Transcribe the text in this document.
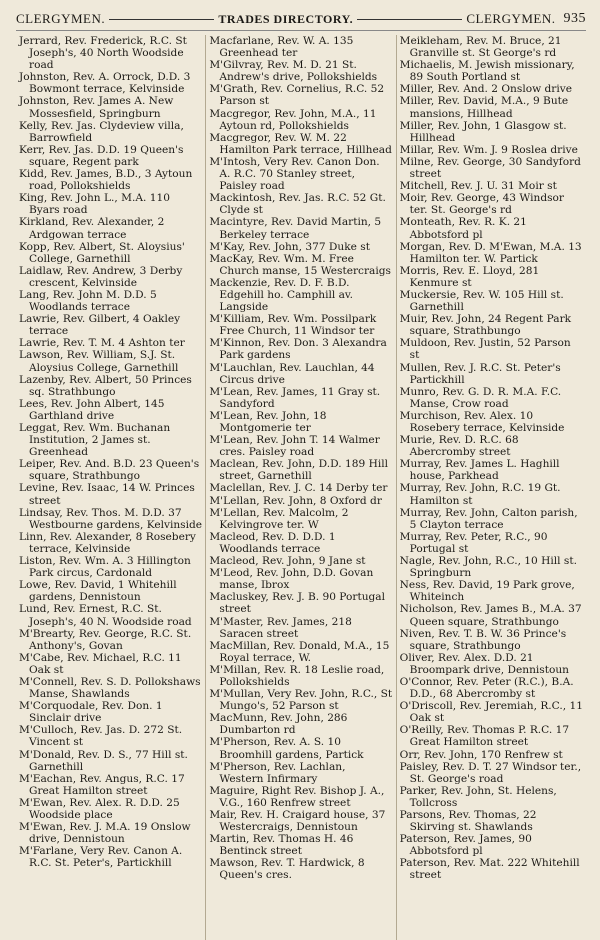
CLERGYMEN.	TRADES DIRECTORY.	CLERGYMEN. 935

Jerrard, Rev. Frederick, R.C. St Joseph's, 40 North Woodside road

Johnston, Rev. A. Orrock, D.D. 3 Bowmont terrace, Kelvinside

Johnston, Rev. James A. New Mossesfield, Springburn

Kelly, Rev. Jas. Clydeview villa, Barrowfield

Kerr, Rev. Jas. D.D. 19 Queen's square, Regent park

Kidd, Rev. James, B.D., 3 Aytoun road, Pollokshields

King, Rev. John L., M.A. 110 Byars road

Kirkland, Rev. Alexander, 2 Ardgowan terrace

Kopp, Rev. Albert, St. Aloysius' College, Garnethill

Laidlaw, Rev. Andrew, 3 Derby crescent, Kelvinside

Lang, Rev. John M. D.D. 5 Woodlands terrace

Lawrie, Rev. Gilbert, 4 Oakley terrace

Lawrie, Rev. T. M. 4 Ashton ter

Lawson, Rev. William, S.J. St. Aloysius College, Garnethill

Lazenby, Rev. Albert, 50 Princes sq. Strathbungo

Lees, Rev. John Albert, 145 Garthland drive

Leggat, Rev. Wm. Buchanan Institution, 2 James st. Greenhead

Leiper, Rev. And. B.D. 23 Queen's square, Strathbungo

Levine, Rev. Isaac, 14 W. Princes street

Lindsay, Rev. Thos. M. D.D. 37 Westbourne gardens, Kelvinside

Linn, Rev. Alexander, 8 Rosebery terrace, Kelvinside

Liston, Rev. Wm. A. 3 Hillington Park circus, Cardonald

Lowe, Rev. David, 1 Whitehill gardens, Dennistoun

Lund, Rev. Ernest, R.C. St. Joseph's, 40 N. Woodside road

M'Brearty, Rev. George, R.C. St. Anthony's, Govan

M'Cabe, Rev. Michael, R.C. 11 Oak st

M'Connell, Rev. S. D. Pollokshaws Manse, Shawlands

M'Corquodale, Rev. Don. 1 Sinclair drive

M'Culloch, Rev. Jas. D. 272 St. Vincent st

M'Donald, Rev. D. S., 77 Hill st. Garnethill

M'Eachan, Rev. Angus, R.C. 17 Great Hamilton street

M'Ewan, Rev. Alex. R. D.D. 25 Woodside place

M'Ewan, Rev. J. M.A. 19 Onslow drive, Dennistoun

M'Farlane, Very Rev. Canon A. R.C. St. Peter's, Partickhill

Macfarlane, Rev. W. A. 135 Greenhead ter

M'Gilvray, Rev. M. D. 21 St. Andrew's drive, Pollokshields

M'Grath, Rev. Cornelius, R.C. 52 Parson st

Macgregor, Rev. John, M.A., 11 Aytoun rd, Pollokshields

Macgregor, Rev. W. M. 22 Hamilton Park terrace, Hillhead

M'Intosh, Very Rev. Canon Don. A. R.C. 70 Stanley street, Paisley road

Mackintosh, Rev. Jas. R.C. 52 Gt. Clyde st

Macintyre, Rev. David Martin, 5 Berkeley terrace

M'Kay, Rev. John, 377 Duke st

MacKay, Rev. Wm. M. Free Church manse, 15 Westercraigs

Mackenzie, Rev. D. F. B.D. Edgehill ho. Camphill av. Langside

M'Killiam, Rev. Wm. Possilpark Free Church, 11 Windsor ter

M'Kinnon, Rev. Don. 3 Alexandra Park gardens

M'Lauchlan, Rev. Lauchlan, 44 Circus drive

M'Lean, Rev. James, 11 Gray st. Sandyford

M'Lean, Rev. John, 18 Montgomerie ter

M'Lean, Rev. John T. 14 Walmer cres. Paisley road

Maclean, Rev. John, D.D. 189 Hill street, Garnethill

Maclellan, Rev. J. C. 14 Derby ter

M'Lellan, Rev. John, 8 Oxford dr

M'Lellan, Rev. Malcolm, 2 Kelvingrove ter. W

Macleod, Rev. D. D.D. 1 Woodlands terrace

Macleod, Rev. John, 9 Jane st

M'Leod, Rev. John, D.D. Govan manse, Ibrox

Macluskey, Rev. J. B. 90 Portugal street

M'Master, Rev. James, 218 Saracen street

MacMillan, Rev. Donald, M.A., 15 Royal terrace, W.

M'Millan, Rev. R. 18 Leslie road, Pollokshields

M'Mullan, Very Rev. John, R.C., St Mungo's, 52 Parson st

MacMunn, Rev. John, 286 Dumbarton rd

M'Pherson, Rev. A. S. 10 Broomhill gardens, Partick

M'Pherson, Rev. Lachlan, Western Infirmary

Maguire, Right Rev. Bishop J. A., V.G., 160 Renfrew street

Mair, Rev. H. Craigard house, 37 Westercraigs, Dennistoun

Martin, Rev. Thomas H. 46 Bentinck street

Mawson, Rev. T. Hardwick, 8 Queen's cres.

Meikleham, Rev. M. Bruce, 21 Granville st. St George's rd

Michaelis, M. Jewish missionary, 89 South Portland st

Miller, Rev. And. 2 Onslow drive

Miller, Rev. David, M.A., 9 Bute mansions, Hillhead

Miller, Rev. John, 1 Glasgow st. Hillhead

Millar, Rev. Wm. J. 9 Roslea drive

Milne, Rev. George, 30 Sandyford street

Mitchell, Rev. J. U. 31 Moir st

Moir, Rev. George, 43 Windsor ter. St. George's rd

Monteath, Rev. R. K. 21 Abbotsford pl

Morgan, Rev. D. M'Ewan, M.A. 13 Hamilton ter. W. Partick

Morris, Rev. E. Lloyd, 281 Kenmure st

Muckersie, Rev. W. 105 Hill st. Garnethill

Muir, Rev. John, 24 Regent Park square, Strathbungo

Muldoon, Rev. Justin, 52 Parson st

Mullen, Rev. J. R.C. St. Peter's Partickhill

Munro, Rev. G. D. R. M.A. F.C. Manse, Crow road

Murchison, Rev. Alex. 10 Rosebery terrace, Kelvinside

Murie, Rev. D. R.C. 68 Abercromby street

Murray, Rev. James L. Haghill house, Parkhead

Murray, Rev. John, R.C. 19 Gt. Hamilton st

Murray, Rev. John, Calton parish, 5 Clayton terrace

Murray, Rev. Peter, R.C., 90 Portugal st

Nagle, Rev. John, R.C., 10 Hill st. Springburn

Ness, Rev. David, 19 Park grove, Whiteinch

Nicholson, Rev. James B., M.A. 37 Queen square, Strathbungo

Niven, Rev. T. B. W. 36 Prince's square, Strathbungo

Oliver, Rev. Alex. D.D. 21 Broompark drive, Dennistoun

O'Connor, Rev. Peter (R.C.), B.A. D.D., 68 Abercromby st

O'Driscoll, Rev. Jeremiah, R.C., 11 Oak st

O'Reilly, Rev. Thomas P. R.C. 17 Great Hamilton street

Orr, Rev. John, 170 Renfrew st

Paisley, Rev. D. T. 27 Windsor ter., St. George's road

Parker, Rev. John, St. Helens, Tollcross

Parsons, Rev. Thomas, 22 Skirving st. Shawlands

Paterson, Rev. James, 90 Abbotsford pl

Paterson, Rev. Mat. 222 Whitehill street
